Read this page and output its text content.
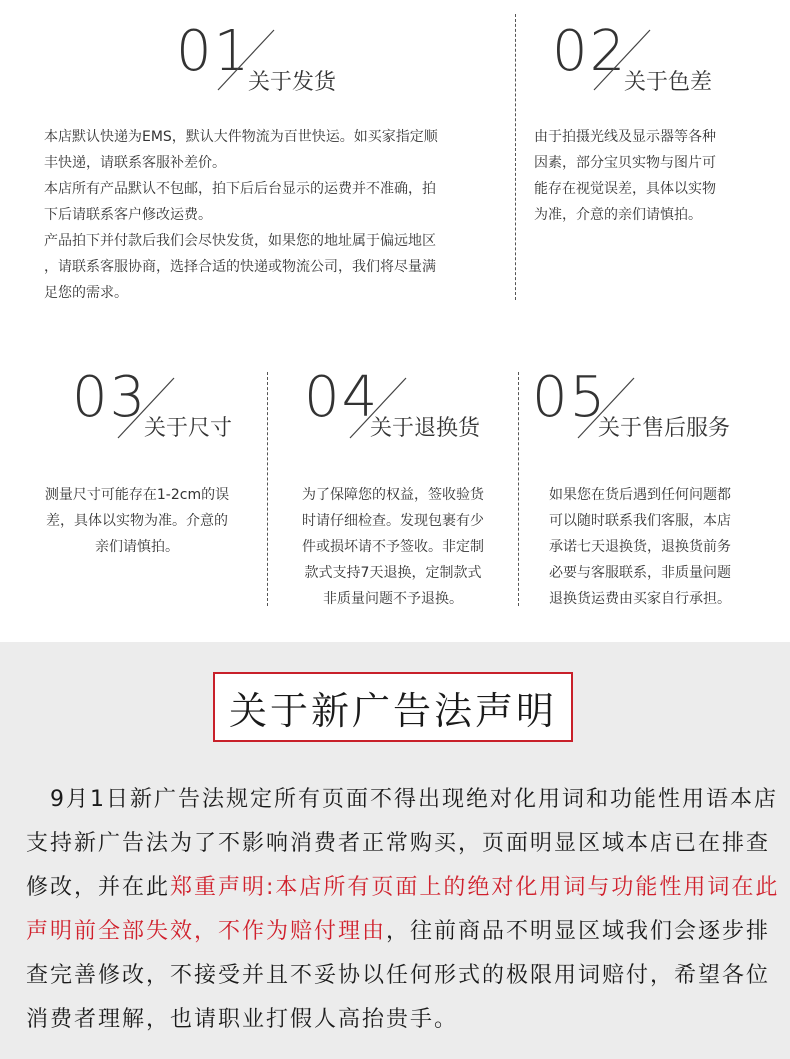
01
关于发货
本店默认快递为EMS，默认大件物流为百世快运。如买家指定顺
丰快递，请联系客服补差价。
本店所有产品默认不包邮，拍下后后台显示的运费并不准确，拍
下后请联系客户修改运费。
产品拍下并付款后我们会尽快发货，如果您的地址属于偏远地区
，请联系客服协商，选择合适的快递或物流公司，我们将尽量满
足您的需求。
02
关于色差
由于拍摄光线及显示器等各种
因素，部分宝贝实物与图片可
能存在视觉误差，具体以实物
为准，介意的亲们请慎拍。
03
关于尺寸
测量尺寸可能存在1-2cm的误
差，具体以实物为准。介意的
亲们请慎拍。
04
关于退换货
为了保障您的权益，签收验货
时请仔细检查。发现包裹有少
件或损坏请不予签收。非定制
款式支持7天退换，定制款式
非质量问题不予退换。
05
关于售后服务
如果您在货后遇到任何问题都
可以随时联系我们客服，本店
承诺七天退换货，退换货前务
必要与客服联系，非质量问题
退换货运费由买家自行承担。
关于新广告法声明
 9月1日新广告法规定所有页面不得出现绝对化用词和功能性用语本店支持新广告法为了不影响消费者正常购买，页面明显区域本店已在排查修改，并在此郑重声明:本店所有页面上的绝对化用词与功能性用词在此声明前全部失效，不作为赔付理由，往前商品不明显区域我们会逐步排查完善修改，不接受并且不妥协以任何形式的极限用词赔付，希望各位消费者理解，也请职业打假人高抬贵手。
